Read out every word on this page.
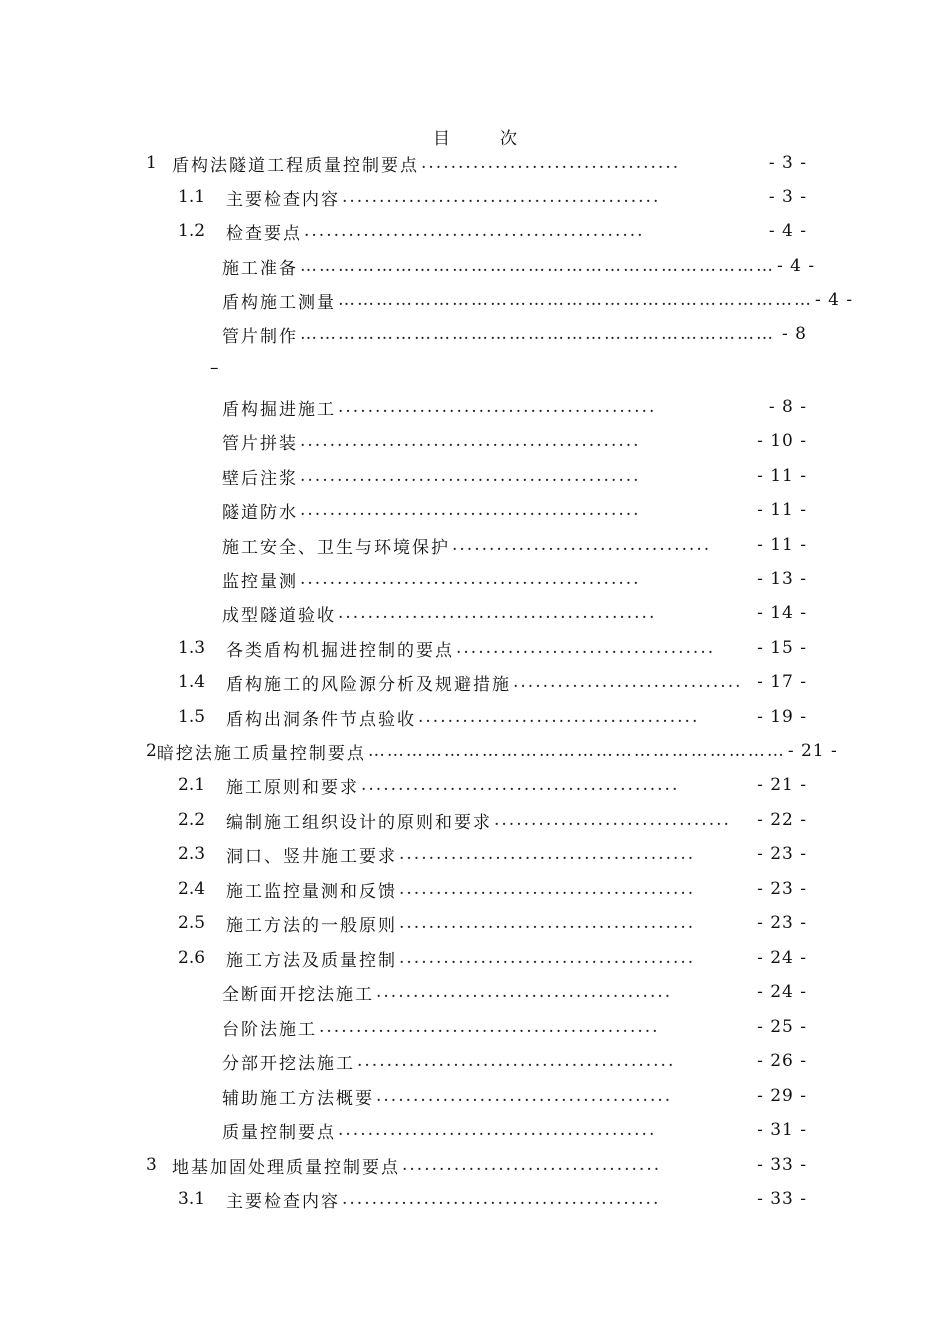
目	次
1 盾构法隧道工程质量控制要点 ...................................	- 3 -
1.1	主要检查内容 ...........................................	- 3 -
1.2	检查要点 ..............................................	- 4 -
施工准备 ………………………………………………………………… - 4 -
盾构施工测量 ………………………………………………………………… - 4 -
管片制作 ………………………………………………………………… - 8
盾构掘进施工 ...........................................	- 8 -
管片拼装 ..............................................	- 10 -
壁后注浆 ..............................................	- 11 -
隧道防水 ..............................................	- 11 -
施工安全、卫生与环境保护 ...................................	- 11 -
监控量测 ..............................................	- 13 -
成型隧道验收 ...........................................	- 14 -
1.3	各类盾构机掘进控制的要点 ...................................	- 15 -
1.4	盾构施工的风险源分析及规避措施 ............................... - 17 -
1.5	盾构出洞条件节点验收 ......................................	- 19 -
2 暗挖法施工质量控制要点 ………………………………………………………… - 21 -
2.1	施工原则和要求 ...........................................	- 21 -
2.2	编制施工组织设计的原则和要求 ................................	- 22 -
2.3	洞口、竖井施工要求 ........................................	- 23 -
2.4	施工监控量测和反馈 ........................................	- 23 -
2.5	施工方法的一般原则 ........................................	- 23 -
2.6	施工方法及质量控制 ........................................	- 24 -
全断面开挖法施工 ........................................	- 24 -
台阶法施工 ..............................................	- 25 -
分部开挖法施工 ...........................................	- 26 -
辅助施工方法概要 ........................................	- 29 -
质量控制要点 ...........................................	- 31 -
3 地基加固处理质量控制要点 ...................................	- 33 -
3.1	主要检查内容 ...........................................	- 33 -
–
